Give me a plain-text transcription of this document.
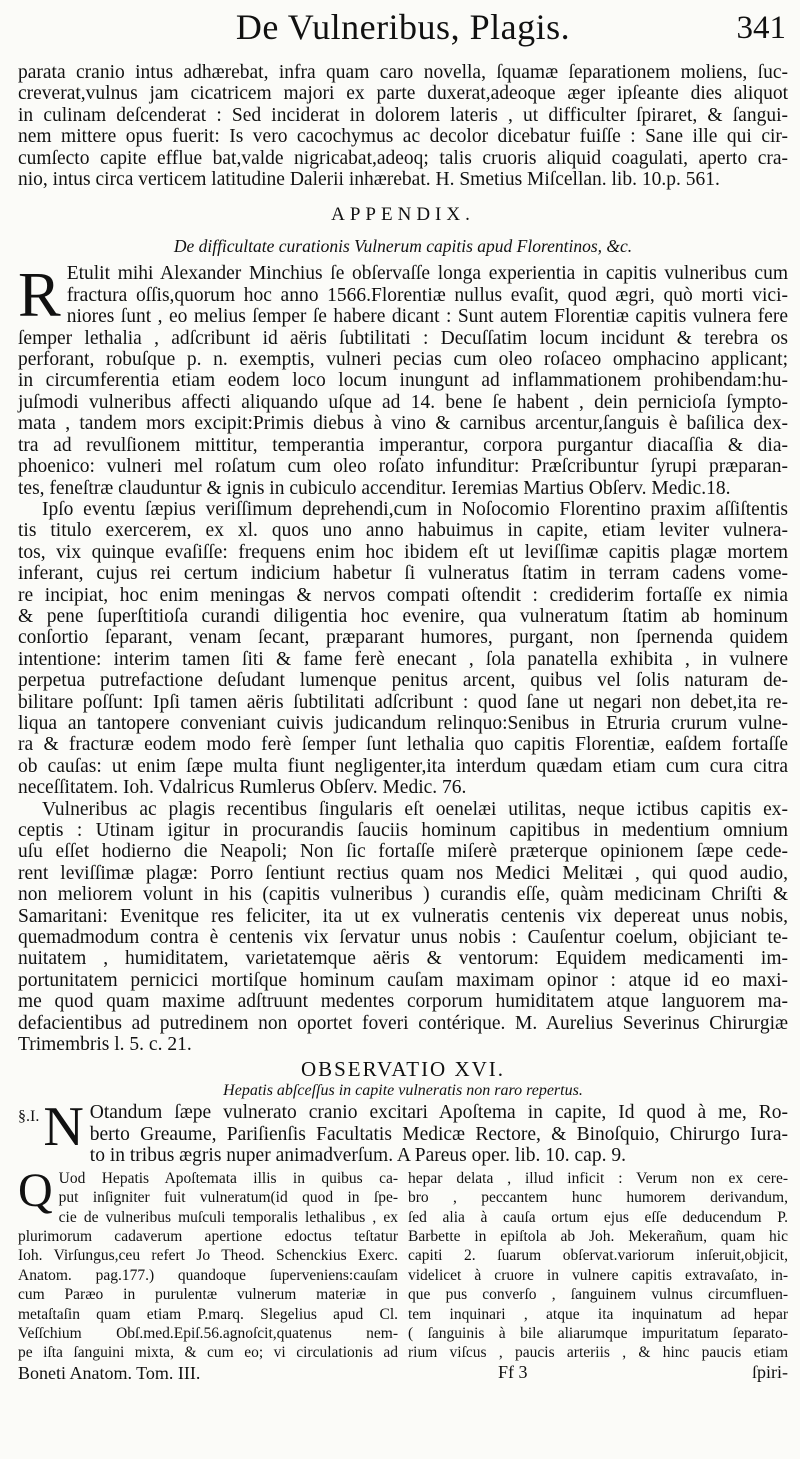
De Vulneribus, Plagis.	341
parata cranio intus adhærebat, infra quam caro novella, ſquamæ ſeparationem moliens, ſuc-
creverat,vulnus jam cicatricem majori ex parte duxerat,adeoque æger ipſeante dies aliquot
in culinam deſcenderat : Sed inciderat in dolorem lateris , ut difficulter ſpiraret, & ſangui-
nem mittere opus fuerit: Is vero cacochymus ac decolor dicebatur fuiſſe : Sane ille qui cir-
cumſecto capite efflue bat,valde nigricabat,adeoq; talis cruoris aliquid coagulati, aperto cra-
nio, intus circa verticem latitudine Dalerii inhærebat. H. Smetius Miſcellan. lib. 10.p. 561.
APPENDIX.
De difficultate curationis Vulnerum capitis apud Florentinos, &c.
R Etulit mihi Alexander Minchius ſe obſervaſſe longa experientia in capitis vulneribus cum
fractura oſſis,quorum hoc anno 1566.Florentiæ nullus evaſit, quod ægri, quò morti vici-
niores ſunt , eo melius ſemper ſe habere dicant : Sunt autem Florentiæ capitis vulnera fere
ſemper lethalia , adſcribunt id aëris ſubtilitati : Decuſſatim locum incidunt & terebra os
perforant, robuſque p. n. exemptis, vulneri pecias cum oleo roſaceo omphacino applicant;
in circumferentia etiam eodem loco locum inungunt ad inflammationem prohibendam:hu-
juſmodi vulneribus affecti aliquando uſque ad 14. bene ſe habent , dein pernicioſa ſympto-
mata , tandem mors excipit:Primis diebus à vino & carnibus arcentur,ſanguis è baſilica dex-
tra ad revulſionem mittitur, temperantia imperantur, corpora purgantur diacaſſia & dia-
phoenico: vulneri mel roſatum cum oleo roſato infunditur: Præſcribuntur ſyrupi præparan-
tes, feneſtræ clauduntur & ignis in cubiculo accenditur. Ieremias Martius Obſerv. Medic.18.
Ipſo eventu ſæpius veriſſimum deprehendi,cum in Noſocomio Florentino praxim aſſiſtentis
tis titulo exercerem, ex xl. quos uno anno habuimus in capite, etiam leviter vulnera-
tos, vix quinque evaſiſſe: frequens enim hoc ibidem eſt ut leviſſimæ capitis plagæ mortem
inferant, cujus rei certum indicium habetur ſi vulneratus ſtatim in terram cadens vome-
re incipiat, hoc enim meningas & nervos compati oſtendit : crediderim fortaſſe ex nimia
& pene ſuperſtitioſa curandi diligentia hoc evenire, qua vulneratum ſtatim ab hominum
conſortio ſeparant, venam ſecant, præparant humores, purgant, non ſpernenda quidem
intentione: interim tamen ſiti & fame ferè enecant , ſola panatella exhibita , in vulnere
perpetua putrefactione deſudant lumenque penitus arcent, quibus vel ſolis naturam de-
bilitare poſſunt: Ipſi tamen aëris ſubtilitati adſcribunt : quod ſane ut negari non debet,ita re-
liqua an tantopere conveniant cuivis judicandum relinquo:Senibus in Etruria crurum vulne-
ra & fracturæ eodem modo ferè ſemper ſunt lethalia quo capitis Florentiæ, eaſdem fortaſſe
ob cauſas: ut enim ſæpe multa fiunt negligenter,ita interdum quædam etiam cum cura citra
neceſſitatem. Ioh. Vdalricus Rumlerus Obſerv. Medic. 76.
Vulneribus ac plagis recentibus ſingularis eſt oenelæi utilitas, neque ictibus capitis ex-
ceptis : Utinam igitur in procurandis ſauciis hominum capitibus in medentium omnium
uſu eſſet hodierno die Neapoli; Non ſic fortaſſe miſerè præterque opinionem ſæpe cede-
rent leviſſimæ plagæ: Porro ſentiunt rectius quam nos Medici Melitæi , qui quod audio,
non meliorem volunt in his (capitis vulneribus ) curandis eſſe, quàm medicinam Chriſti &
Samaritani: Evenitque res feliciter, ita ut ex vulneratis centenis vix depereat unus nobis,
quemadmodum contra è centenis vix ſervatur unus nobis : Cauſentur coelum, objiciant te-
nuitatem , humiditatem, varietatemque aëris & ventorum: Equidem medicamenti im-
portunitatem pernicici mortiſque hominum cauſam maximam opinor : atque id eo maxi-
me quod quam maxime adſtruunt medentes corporum humiditatem atque languorem ma-
defacientibus ad putredinem non oportet foveri contérique. M. Aurelius Severinus Chirurgiæ
Trimembris l. 5. c. 21.
OBSERVATIO XVI.
Hepatis abſceſſus in capite vulneratis non raro repertus.
§.I. N Otandum ſæpe vulnerato cranio excitari Apoſtema in capite, Id quod à me, Ro-
berto Greaume, Pariſienſis Facultatis Medicæ Rectore, & Binoſquio, Chirurgo Iura-
to in tribus ægris nuper animadverſum. A Pareus oper. lib. 10. cap. 9.
Q Uod Hepatis Apoſtemata illis in quibus ca-
put inſigniter fuit vulneratum(id quod in ſpe-
cie de vulneribus muſculi temporalis lethalibus , ex
plurimorum cadaverum apertione edoctus teſtatur
Ioh. Virſungus,ceu refert Jo Theod. Schenckius Exerc.
Anatom. pag.177.) quandoque ſuperveniens:cauſam
cum Paræo in purulentæ vulnerum materiæ in
metaſtaſin quam etiam P.marq. Slegelius apud Cl.
Veſſchium Obſ.med.Epiſ.56.agnoſcit,quatenus nem-
pe iſta ſanguini mixta, & cum eo; vi circulationis ad
Boneti Anatom. Tom. III.
hepar delata , illud inficit : Verum non ex cere-
bro , peccantem hunc humorem derivandum,
ſed alia à cauſa ortum ejus eſſe deducendum P.
Barbette in epiſtola ab Joh. Mekerañum, quam hic
capiti 2. ſuarum obſervat.variorum inſeruit,objicit,
videlicet à cruore in vulnere capitis extravaſato, in-
que pus converſo , ſanguinem vulnus circumfluen-
tem inquinari , atque ita inquinatum ad hepar
( ſanguinis à bile aliarumque impuritatum ſeparato-
rium viſcus , paucis arteriis , & hinc paucis etiam
Ff 3	ſpiri-
